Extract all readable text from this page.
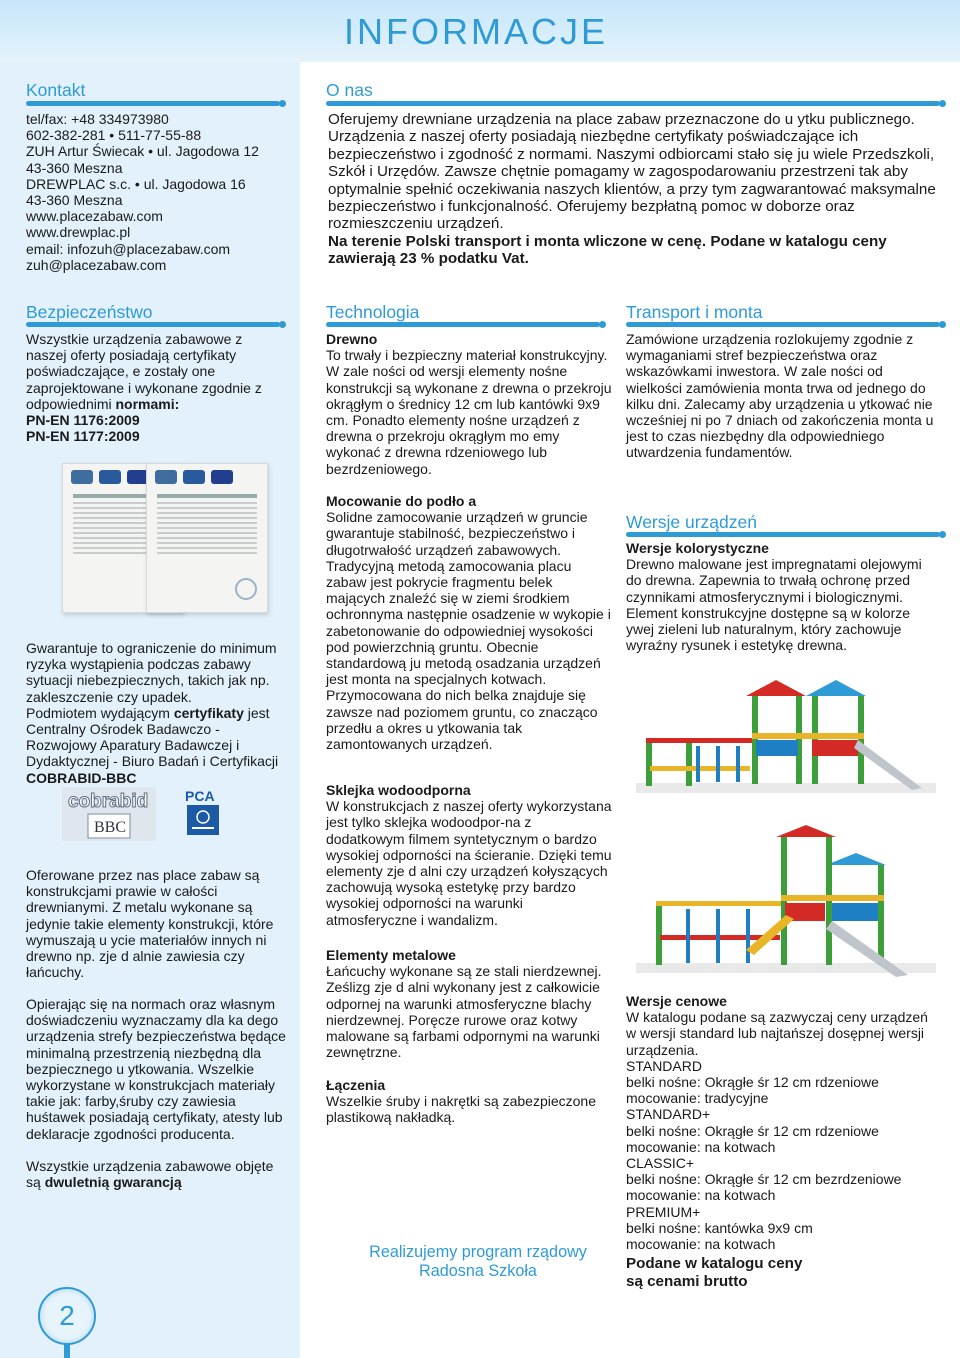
INFORMACJE
Kontakt

tel/fax: +48 334973980

602-382-281 • 511-77-55-88

ZUH Artur Świecak • ul. Jagodowa 12

43-360 Meszna

DREWPLAC s.c. • ul. Jagodowa 16

43-360 Meszna

www.placezabaw.com

www.drewplac.pl

email: infozuh@placezabaw.com

zuh@placezabaw.com

O nas

Oferujemy drewniane urządzenia na place zabaw przeznaczone do u ytku publicznego. Urządzenia z naszej oferty posiadają niezbędne certyfikaty poświadczające ich bezpieczeństwo i zgodność z normami. Naszymi odbiorcami stało się ju wiele Przedszkoli, Szkół i Urzędów. Zawsze chętnie pomagamy w zagospodarowaniu przestrzeni tak aby optymalnie spełnić oczekiwania naszych klientów, a przy tym zagwarantować maksymalne bezpieczeństwo i funkcjonalność. Oferujemy bezpłatną pomoc w doborze oraz rozmieszczeniu urządzeń.

Na terenie Polski transport i monta wliczone w cenę. Podane w katalogu ceny zawierają 23 % podatku Vat.

Bezpieczeństwo
Wszystkie urządzenia zabawowe z naszej oferty posiadają certyfikaty poświadczające, e zostały one zaprojektowane i wykonane zgodnie z odpowiednimi normami:

PN-EN 1176:2009

PN-EN 1177:2009

Gwarantuje to ograniczenie do minimum ryzyka wystąpienia podczas zabawy sytuacji niebezpiecznych, takich jak np. zakleszczenie czy upadek.

Podmiotem wydającym certyfikaty jest Centralny Ośrodek Badawczo - Rozwojowy Aparatury Badawczej i Dydaktycznej - Biuro Badań i Certyfikacji COBRABID-BBC

cobrabid
BBC
PCA
Oferowane przez nas place zabaw są konstrukcjami prawie w całości drewnianymi. Z metalu wykonane są jedynie takie elementy konstrukcji, które wymuszają u ycie materiałów innych ni drewno np. zje d alnie zawiesia czy łańcuchy.
Opierając się na normach oraz własnym doświadczeniu wyznaczamy dla ka dego urządzenia strefy bezpieczeństwa będące minimalną przestrzenią niezbędną dla bezpiecznego u ytkowania. Wszelkie wykorzystane w konstrukcjach materiały takie jak: farby,śruby czy zawiesia huśtawek posiadają certyfikaty, atesty lub deklaracje zgodności producenta.
Wszystkie urządzenia zabawowe objęte są dwuletnią gwarancją
Technologia

Drewno

To trwały i bezpieczny materiał konstrukcyjny. W zale ności od wersji elementy nośne konstrukcji są wykonane z drewna o przekroju okrągłym o średnicy 12 cm lub kantówki 9x9 cm. Ponadto elementy nośne urządzeń z drewna o przekroju okrągłym mo emy wykonać z drewna rdzeniowego lub bezrdzeniowego.

Mocowanie do podło a

Solidne zamocowanie urządzeń w gruncie gwarantuje stabilność, bezpieczeństwo i długotrwałość urządzeń zabawowych. Tradycyjną metodą zamocowania placu zabaw jest pokrycie fragmentu belek mających znaleźć się w ziemi środkiem ochronnyma następnie osadzenie w wykopie i zabetonowanie do odpowiedniej wysokości pod powierzchnią gruntu. Obecnie standardową ju metodą osadzania urządzeń jest monta na specjalnych kotwach. Przymocowana do nich belka znajduje się zawsze nad poziomem gruntu, co znacząco przedłu a okres u ytkowania tak zamontowanych urządzeń.

Sklejka wodoodporna

W konstrukcjach z naszej oferty wykorzystana jest tylko sklejka wodoodpor-na z dodatkowym filmem syntetycznym o bardzo wysokiej odporności na ścieranie. Dzięki temu elementy zje d alni czy urządzeń kołyszących zachowują wysoką estetykę przy bardzo wysokiej odporności na warunki atmosferyczne i wandalizm.

Elementy metalowe

Łańcuchy wykonane są ze stali nierdzewnej. Ześlizg zje d alni wykonany jest z całkowicie odpornej na warunki atmosferyczne blachy nierdzewnej. Poręcze rurowe oraz kotwy malowane są farbami odpornymi na warunki zewnętrzne.

Łączenia

Wszelkie śruby i nakrętki są zabezpieczone plastikową nakładką.

Realizujemy program rządowy

Radosna Szkoła

Transport i monta
Zamówione urządzenia rozlokujemy zgodnie z wymaganiami stref bezpieczeństwa oraz wskazówkami inwestora. W zale ności od wielkości zamówienia monta trwa od jednego do kilku dni. Zalecamy aby urządzenia u ytkować nie wcześniej ni po 7 dniach od zakończenia monta u jest to czas niezbędny dla odpowiedniego utwardzenia fundamentów.
Wersje urządzeń

Wersje kolorystyczne

Drewno malowane jest impregnatami olejowymi do drewna. Zapewnia to trwałą ochronę przed czynnikami atmosferycznymi i biologicznymi. Element konstrukcyjne dostępne są w kolorze ywej zieleni lub naturalnym, który zachowuje wyraźny rysunek i estetykę drewna.

Wersje cenowe

W katalogu podane są zazwyczaj ceny urządzeń w wersji standard lub najtańszej dosępnej wersji urządzenia.

STANDARD

belki nośne: Okrągłe śr 12 cm rdzeniowe

mocowanie: tradycyjne

STANDARD+

belki nośne: Okrągłe śr 12 cm rdzeniowe

mocowanie: na kotwach

CLASSIC+

belki nośne: Okrągłe śr 12 cm bezrdzeniowe

mocowanie: na kotwach

PREMIUM+

belki nośne: kantówka 9x9 cm

mocowanie: na kotwach

Podane w katalogu ceny są cenami brutto

2
